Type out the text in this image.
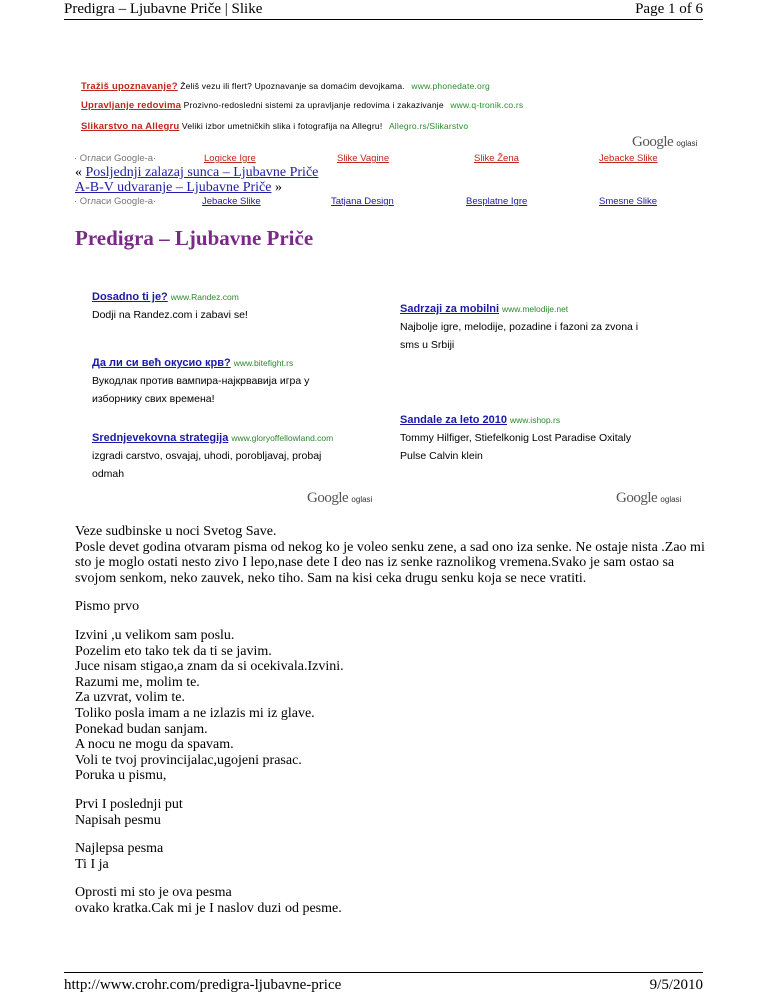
Predigra – Ljubavne Priče | Slike	Page 1 of 6
Tražiš upoznavanje? Želiš vezu ili flert? Upoznavanje sa domaćim devojkama. www.phonedate.org
Upravljanje redovima Prozivno-redosledni sistemi za upravljanje redovima i zakazivanje www.q-tronik.co.rs
Slikarstvo na Allegru Veliki izbor umetničkih slika i fotografija na Allegru! Allegro.rs/Slikarstvo
Google oglasi
· Огласи Google-a·	Logicke Igre	Slike Vagine	Slike Žena	Jebacke Slike
« Posljednji zalazaj sunca – Ljubavne Priče
A-B-V udvaranje – Ljubavne Priče »
· Огласи Google-a·	Jebacke Slike	Tatjana Design	Besplatne Igre	Smesne Slike
Predigra – Ljubavne Priče
Dosadno ti je? www.Randez.com
Dodji na Randez.com i zabavi se!
Да ли си већ окусио крв? www.bitefight.rs
Вукодлак против вампира-најкрвавија игра у
изборнику свих времена!
Srednjevekovna strategija www.gloryoffellowland.com
izgradi carstvo, osvajaj, uhodi, porobljavaj, probaj
odmah
Sadrzaji za mobilni www.melodije.net
Najbolje igre, melodije, pozadine i fazoni za zvona i
sms u Srbiji
Sandale za leto 2010 www.ishop.rs
Tommy Hilfiger, Stiefelkonig Lost Paradise Oxitaly
Pulse Calvin klein
Google oglasi	Google oglasi

Veze sudbinske u noci Svetog Save.
Posle devet godina otvaram pisma od nekog ko je voleo senku zene, a sad ono iza senke. Ne ostaje nista .Zao mi
sto je moglo ostati nesto zivo I lepo,nase dete I deo nas iz senke raznolikog vremena.Svako je sam ostao sa
svojom senkom, neko zauvek, neko tiho. Sam na kisi ceka drugu senku koja se nece vratiti.

Pismo prvo

Izvini ,u velikom sam poslu.
Pozelim eto tako tek da ti se javim.
Juce nisam stigao,a znam da si ocekivala.Izvini.
Razumi me, molim te.
Za uzvrat, volim te.
Toliko posla imam a ne izlazis mi iz glave.
Ponekad budan sanjam.
A nocu ne mogu da spavam.
Voli te tvoj provincijalac,ugojeni prasac.
Poruka u pismu,

Prvi I poslednji put
Napisah pesmu

Najlepsa pesma
Ti I ja

Oprosti mi sto je ova pesma
ovako kratka.Cak mi je I naslov duzi od pesme.

http://www.crohr.com/predigra-ljubavne-price	9/5/2010
